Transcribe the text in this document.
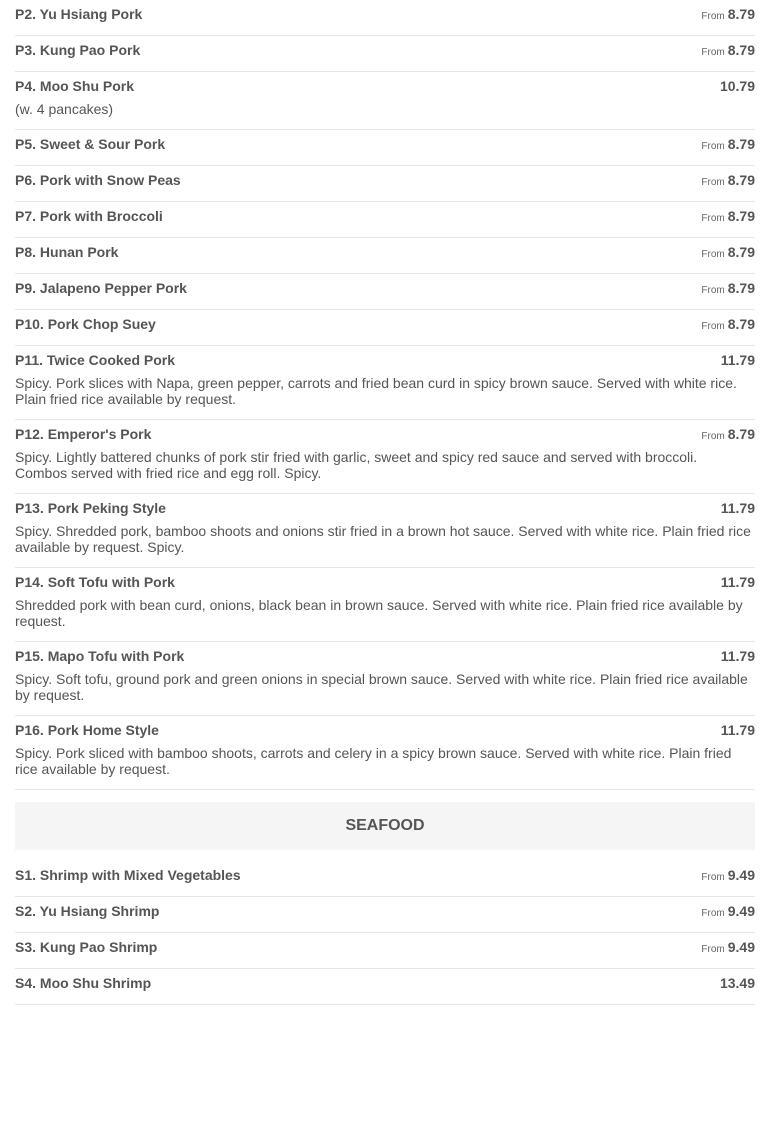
P2. Yu Hsiang Pork	From 8.79
P3. Kung Pao Pork	From 8.79
P4. Moo Shu Pork	10.79
(w. 4 pancakes)
P5. Sweet & Sour Pork	From 8.79
P6. Pork with Snow Peas	From 8.79
P7. Pork with Broccoli	From 8.79
P8. Hunan Pork	From 8.79
P9. Jalapeno Pepper Pork	From 8.79
P10. Pork Chop Suey	From 8.79
P11. Twice Cooked Pork	11.79
Spicy. Pork slices with Napa, green pepper, carrots and fried bean curd in spicy brown sauce. Served with white rice. Plain fried rice available by request.
P12. Emperor's Pork	From 8.79
Spicy. Lightly battered chunks of pork stir fried with garlic, sweet and spicy red sauce and served with broccoli. Combos served with fried rice and egg roll. Spicy.
P13. Pork Peking Style	11.79
Spicy. Shredded pork, bamboo shoots and onions stir fried in a brown hot sauce. Served with white rice. Plain fried rice available by request. Spicy.
P14. Soft Tofu with Pork	11.79
Shredded pork with bean curd, onions, black bean in brown sauce. Served with white rice. Plain fried rice available by request.
P15. Mapo Tofu with Pork	11.79
Spicy. Soft tofu, ground pork and green onions in special brown sauce. Served with white rice. Plain fried rice available by request.
P16. Pork Home Style	11.79
Spicy. Pork sliced with bamboo shoots, carrots and celery in a spicy brown sauce. Served with white rice. Plain fried rice available by request.
SEAFOOD
S1. Shrimp with Mixed Vegetables	From 9.49
S2. Yu Hsiang Shrimp	From 9.49
S3. Kung Pao Shrimp	From 9.49
S4. Moo Shu Shrimp	13.49
